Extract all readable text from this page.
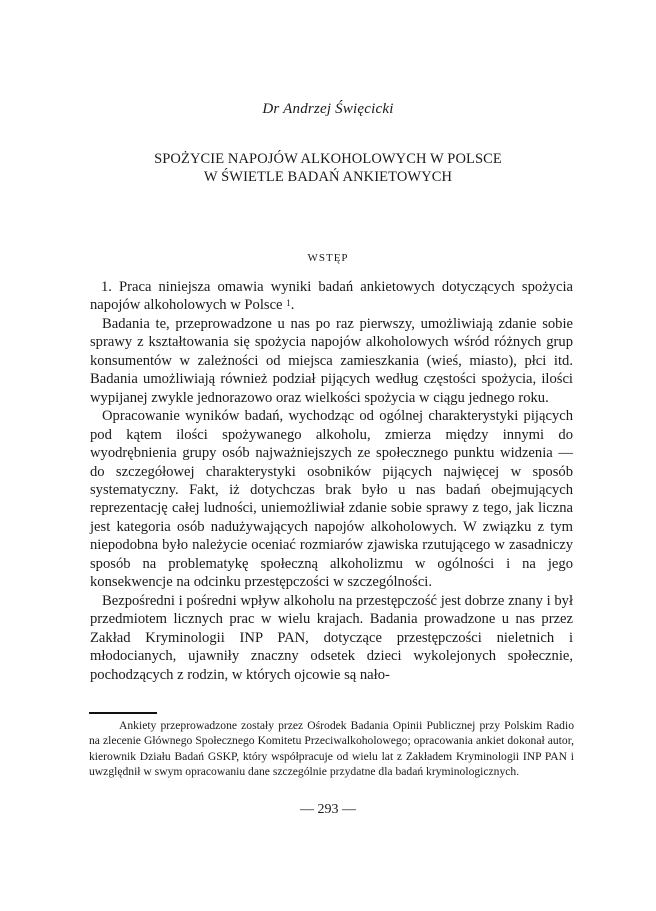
Dr Andrzej Święcicki
SPOŻYCIE NAPOJÓW ALKOHOLOWYCH W POLSCE
W ŚWIETLE BADAŃ ANKIETOWYCH
WSTĘP

1. Praca niniejsza omawia wyniki badań ankietowych dotyczących spożycia napojów alkoholowych w Polsce $^1$.

Badania te, przeprowadzone u nas po raz pierwszy, umożliwiają zdanie sobie sprawy z kształtowania się spożycia napojów alkoholowych wśród różnych grup konsumentów w zależności od miejsca zamieszkania (wieś, miasto), płci itd. Badania umożliwiają również podział pijących według częstości spożycia, ilości wypijanej zwykle jednorazowo oraz wielkości spożycia w ciągu jednego roku.

Opracowanie wyników badań, wychodząc od ogólnej charakterystyki pijących pod kątem ilości spożywanego alkoholu, zmierza między innymi do wyodrębnienia grupy osób najważniejszych ze społecznego punktu widzenia — do szczegółowej charakterystyki osobników pijących najwięcej w sposób systematyczny. Fakt, iż dotychczas brak było u nas badań obejmujących reprezentację całej ludności, uniemożliwiał zdanie sobie sprawy z tego, jak liczna jest kategoria osób nadużywających napojów alkoholowych. W związku z tym niepodobna było należycie oceniać rozmiarów zjawiska rzutującego w zasadniczy sposób na problematykę społeczną alkoholizmu w ogólności i na jego konsekwencje na odcinku przestępczości w szczególności.

Bezpośredni i pośredni wpływ alkoholu na przestępczość jest dobrze znany i był przedmiotem licznych prac w wielu krajach. Badania prowadzone u nas przez Zakład Kryminologii INP PAN, dotyczące przestępczości nieletnich i młodocianych, ujawniły znaczny odsetek dzieci wykolejonych społecznie, pochodzących z rodzin, w których ojcowie są nało-

Ankiety przeprowadzone zostały przez Ośrodek Badania Opinii Publicznej przy Polskim Radio na zlecenie Głównego Społecznego Komitetu Przeciwalkoholowego; opracowania ankiet dokonał autor, kierownik Działu Badań GSKP, który współpracuje od wielu lat z Zakładem Kryminologii INP PAN i uwzględnił w swym opracowaniu dane szczególnie przydatne dla badań kryminologicznych.

— 293 —
